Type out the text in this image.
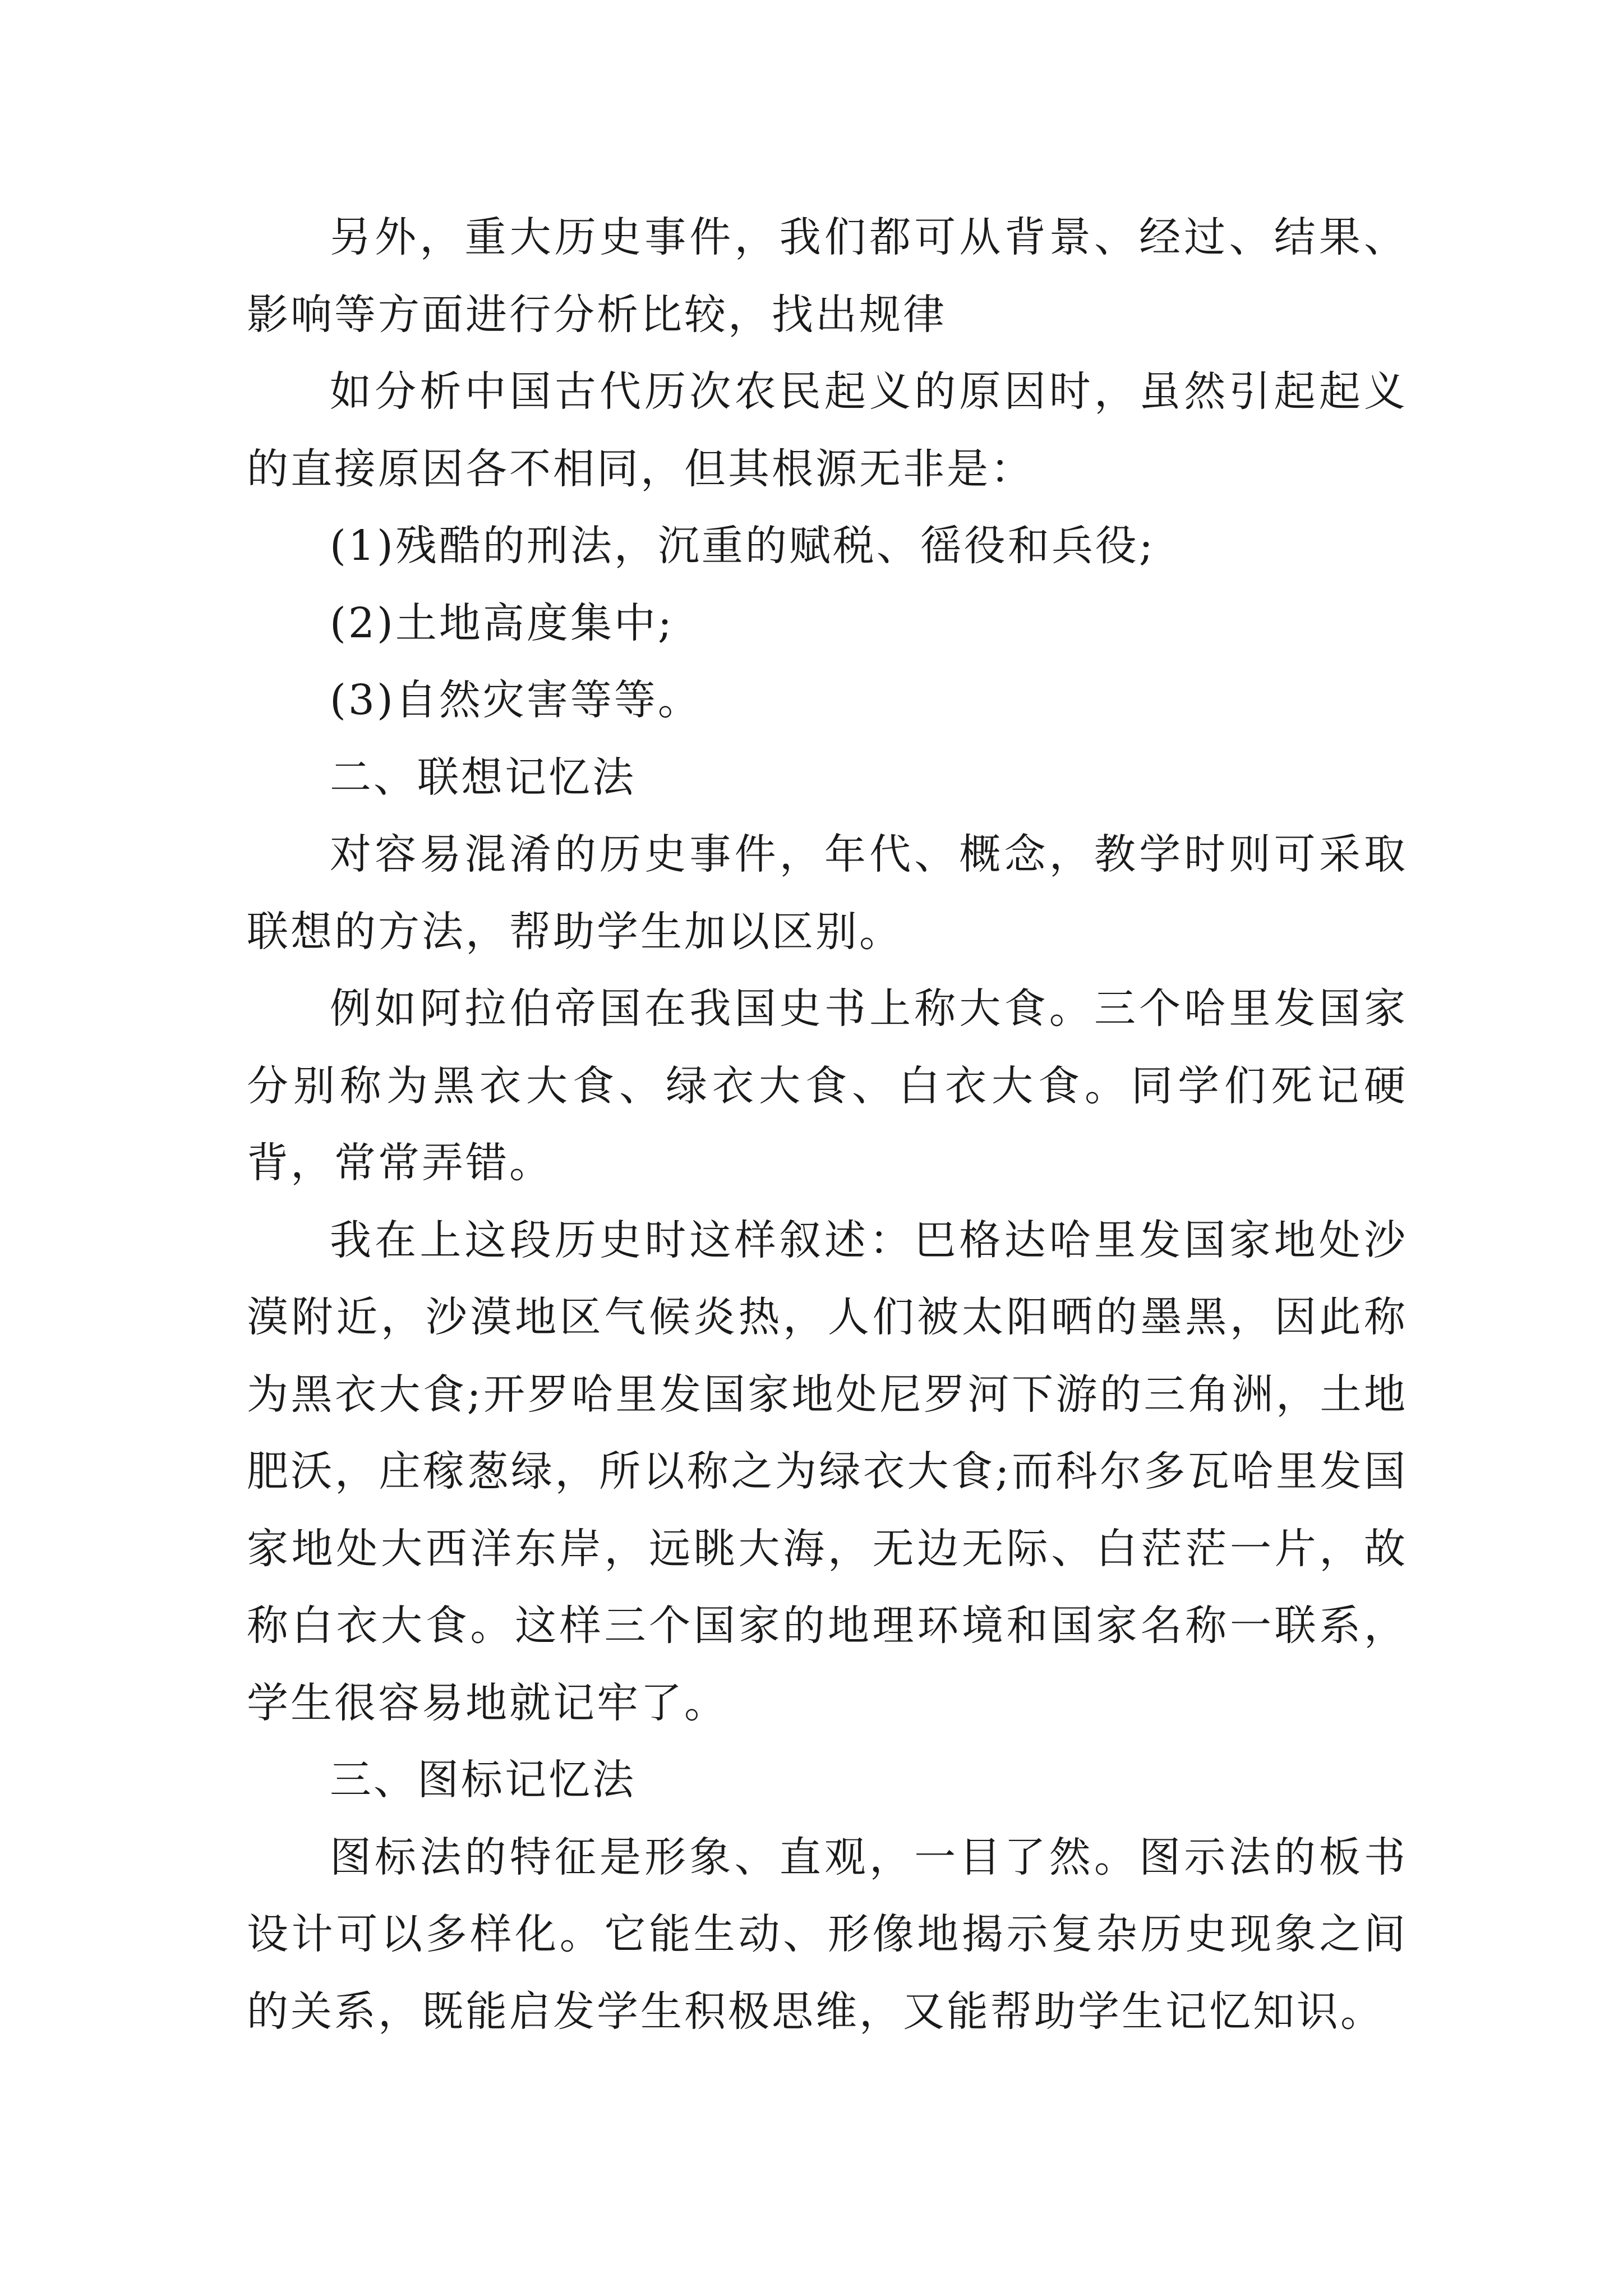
另外，重大历史事件，我们都可从背景、经过、结果、影响等方面进行分析比较，找出规律

如分析中国古代历次农民起义的原因时，虽然引起起义的直接原因各不相同，但其根源无非是：

(1)残酷的刑法，沉重的赋税、徭役和兵役;

(2)土地高度集中;

(3)自然灾害等等。

二、联想记忆法

对容易混淆的历史事件，年代、概念，教学时则可采取联想的方法，帮助学生加以区别。

例如阿拉伯帝国在我国史书上称大食。三个哈里发国家分别称为黑衣大食、绿衣大食、白衣大食。同学们死记硬背，常常弄错。

我在上这段历史时这样叙述：巴格达哈里发国家地处沙漠附近，沙漠地区气候炎热，人们被太阳晒的墨黑，因此称为黑衣大食;开罗哈里发国家地处尼罗河下游的三角洲，土地肥沃，庄稼葱绿，所以称之为绿衣大食;而科尔多瓦哈里发国家地处大西洋东岸，远眺大海，无边无际、白茫茫一片，故称白衣大食。这样三个国家的地理环境和国家名称一联系，学生很容易地就记牢了。

三、图标记忆法

图标法的特征是形象、直观，一目了然。图示法的板书设计可以多样化。它能生动、形像地揭示复杂历史现象之间的关系，既能启发学生积极思维，又能帮助学生记忆知识。
